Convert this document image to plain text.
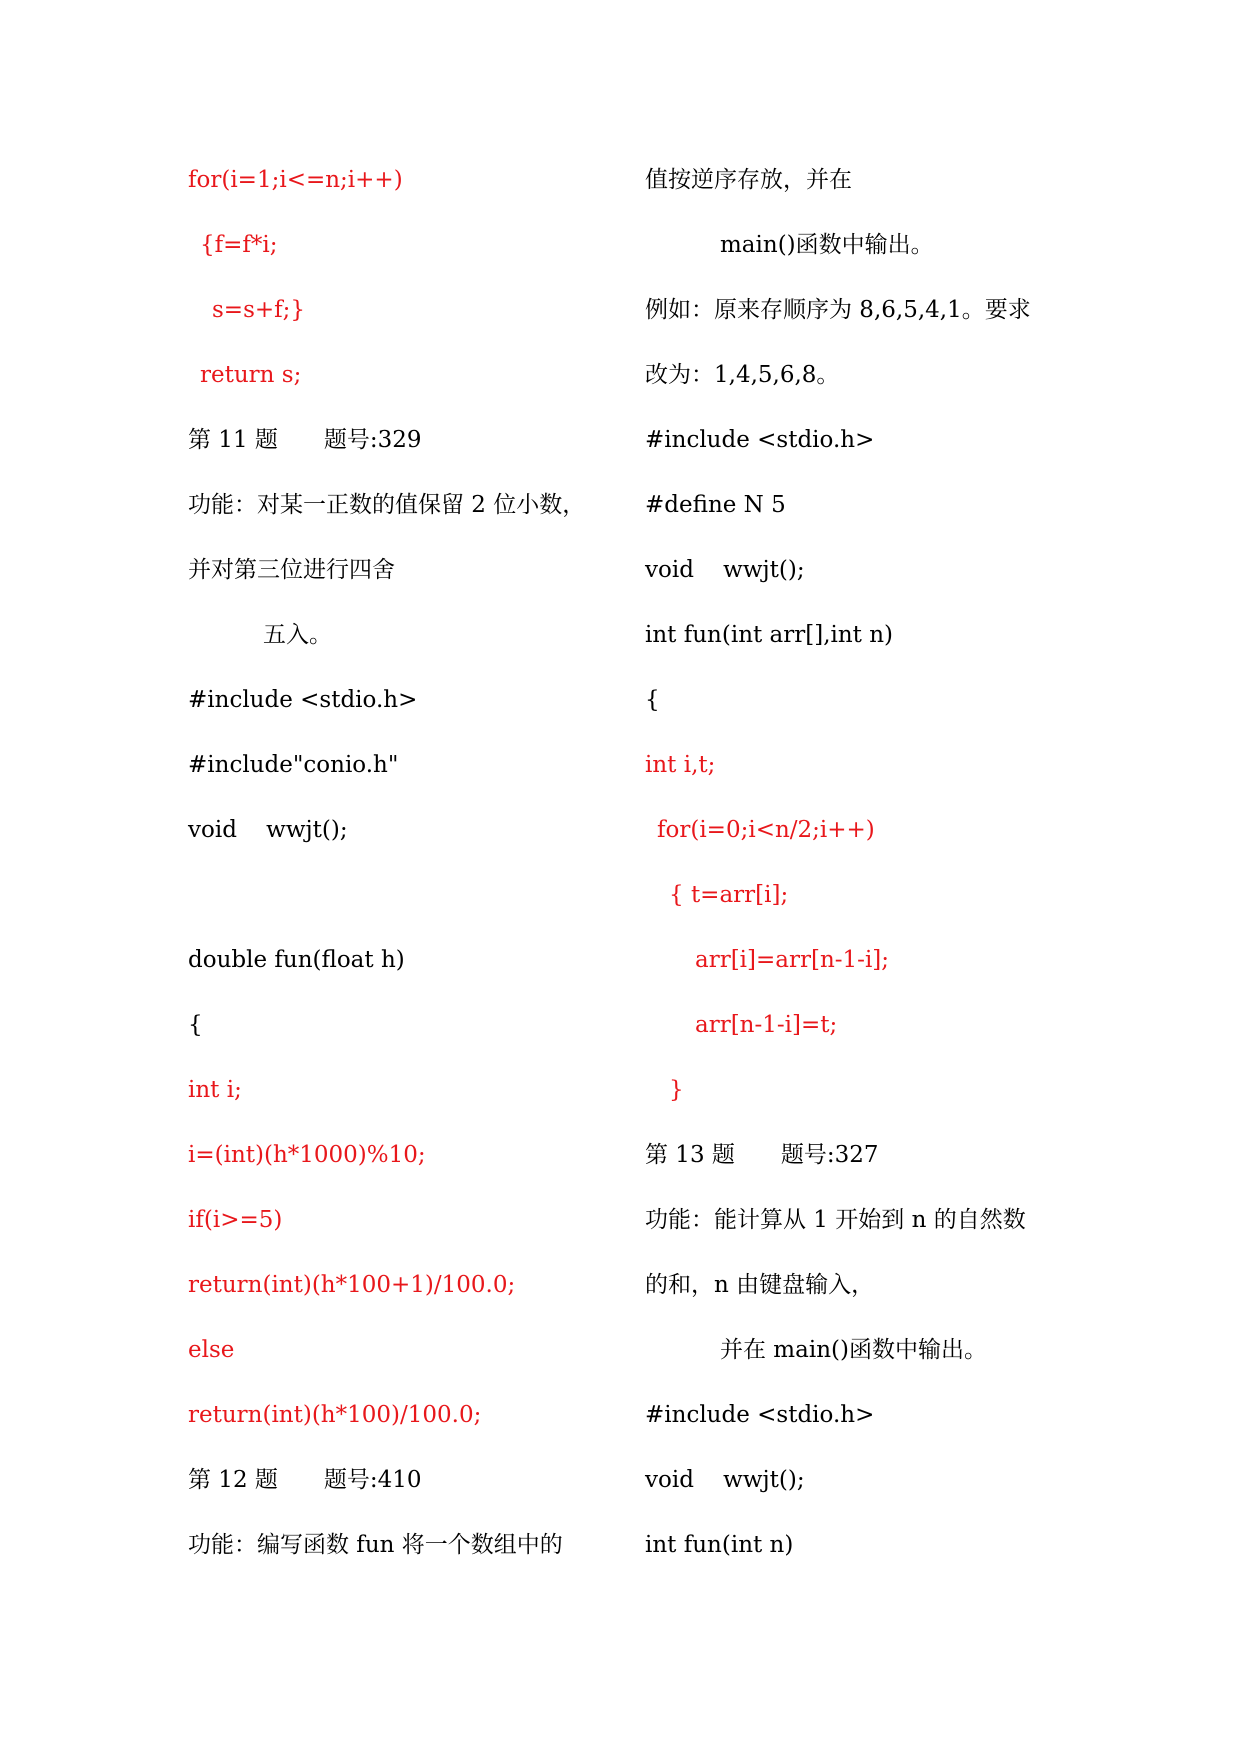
for(i=1;i<=n;i++)
{f=f*i;
s=s+f;}
return s;
第 11 题　　题号:329
功能：对某一正数的值保留 2 位小数，
并对第三位进行四舍
五入。
#include <stdio.h>
#include"conio.h"
void    wwjt();
double fun(float h)
{
int i;
i=(int)(h*1000)%10;
if(i>=5)
return(int)(h*100+1)/100.0;
else
return(int)(h*100)/100.0;
第 12 题　　题号:410
功能：编写函数 fun 将一个数组中的
值按逆序存放，并在
main()函数中输出。
例如：原来存顺序为 8,6,5,4,1。要求
改为：1,4,5,6,8。
#include <stdio.h>
#define N 5
void    wwjt();
int fun(int arr[],int n)
{
int i,t;
for(i=0;i<n/2;i++)
{ t=arr[i];
arr[i]=arr[n-1-i];
arr[n-1-i]=t;
}
第 13 题　　题号:327
功能：能计算从 1 开始到 n 的自然数
的和，n 由键盘输入，
并在 main()函数中输出。
#include <stdio.h>
void    wwjt();
int fun(int n)
